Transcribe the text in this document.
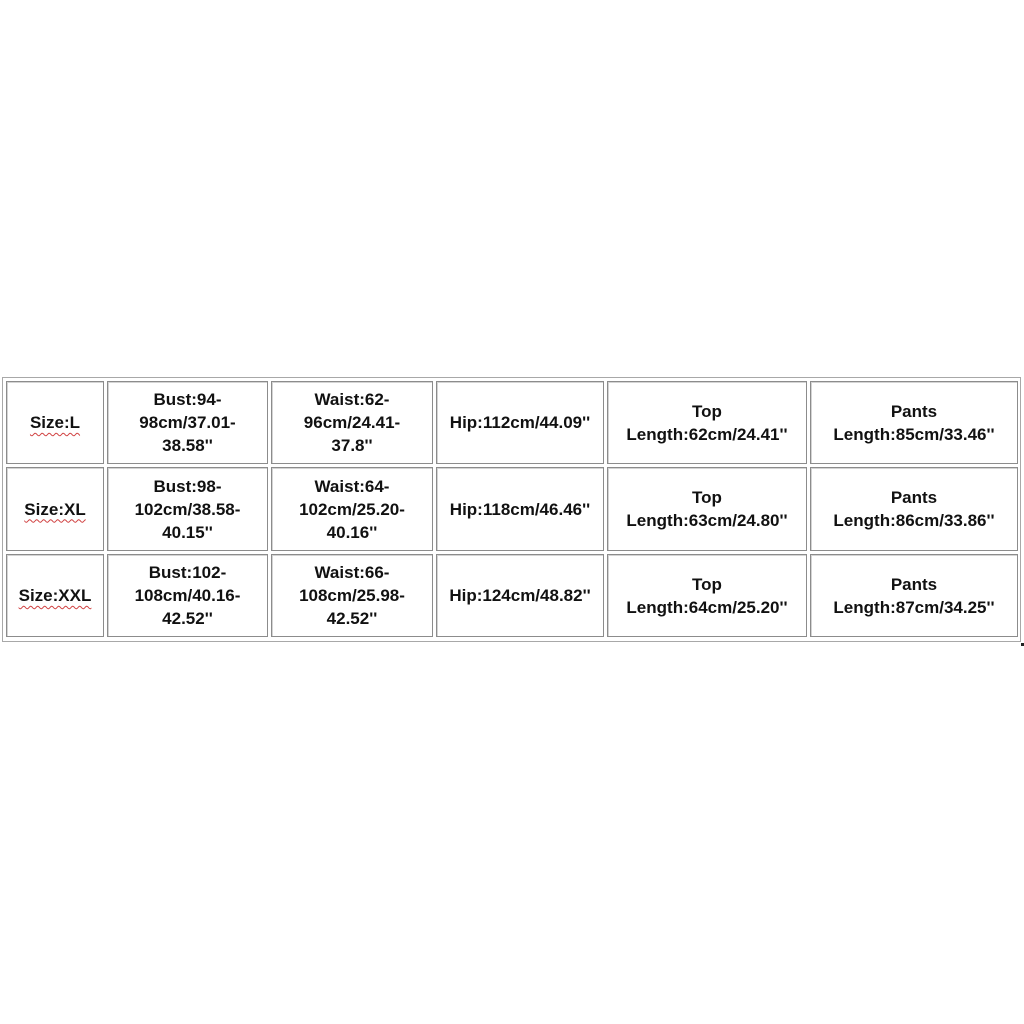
Size:L
Bust:94-
98cm/37.01-
38.58''
Waist:62-
96cm/24.41-
37.8''
Hip:112cm/44.09''
Top
Length:62cm/24.41''
Pants
Length:85cm/33.46''
Size:XL
Bust:98-
102cm/38.58-
40.15''
Waist:64-
102cm/25.20-
40.16''
Hip:118cm/46.46''
Top
Length:63cm/24.80''
Pants
Length:86cm/33.86''
Size:XXL
Bust:102-
108cm/40.16-
42.52''
Waist:66-
108cm/25.98-
42.52''
Hip:124cm/48.82''
Top
Length:64cm/25.20''
Pants
Length:87cm/34.25''
